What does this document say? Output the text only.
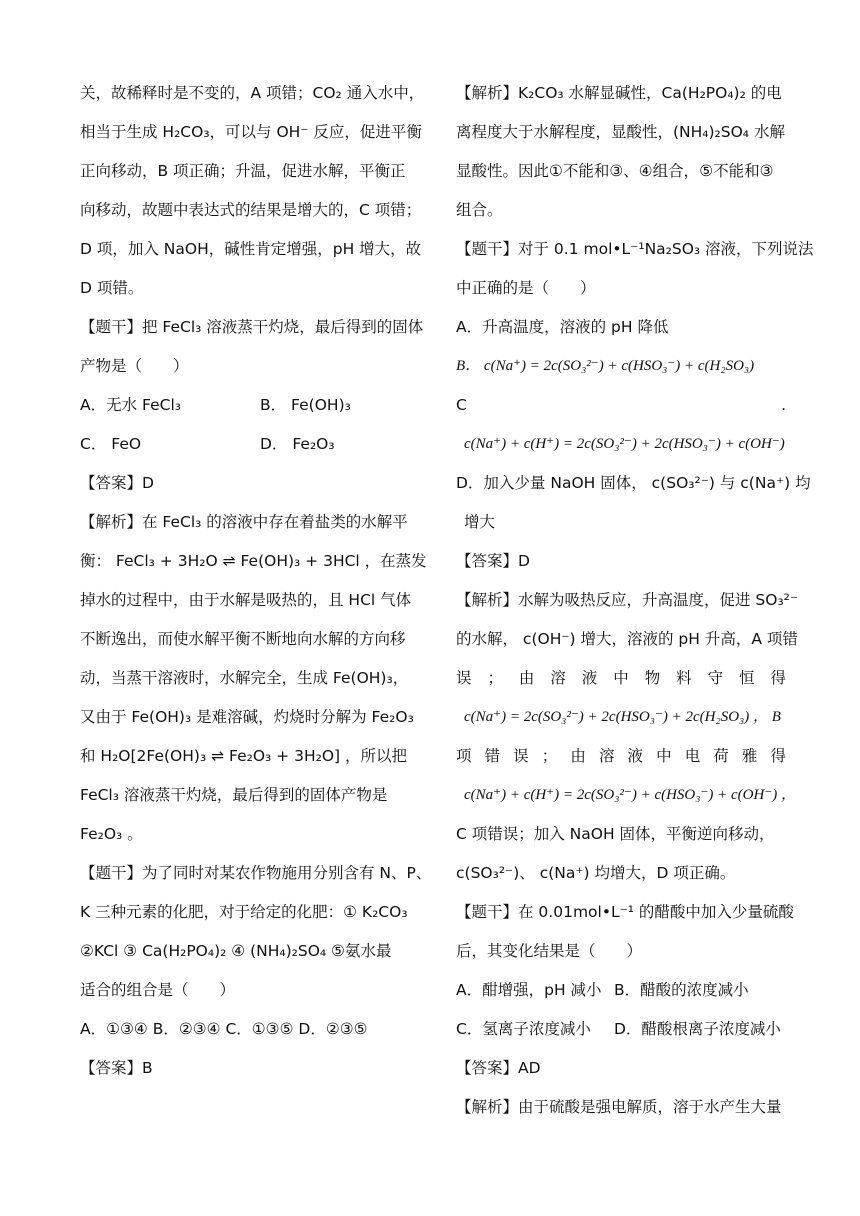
关，故稀释时是不变的，A 项错；CO₂ 通入水中，
相当于生成 H₂CO₃，可以与 OH⁻ 反应，促进平衡
正向移动，B 项正确；升温，促进水解，平衡正
向移动，故题中表达式的结果是增大的，C 项错；
D 项，加入 NaOH，碱性肯定增强，pH 增大，故
D 项错。
【题干】把 FeCl₃ 溶液蒸干灼烧，最后得到的固体
产物是（　　）
A．无水 FeCl₃	B． Fe(OH)₃
C． FeO	D． Fe₂O₃
【答案】D
【解析】在 FeCl₃ 的溶液中存在着盐类的水解平
衡： FeCl₃ + 3H₂O ⇌ Fe(OH)₃ + 3HCl ，在蒸发
掉水的过程中，由于水解是吸热的，且 HCl 气体
不断逸出，而使水解平衡不断地向水解的方向移
动，当蒸干溶液时，水解完全，生成 Fe(OH)₃，
又由于 Fe(OH)₃ 是难溶碱，灼烧时分解为 Fe₂O₃
和 H₂O[2Fe(OH)₃ ⇌ Fe₂O₃ + 3H₂O] ，所以把
FeCl₃ 溶液蒸干灼烧，最后得到的固体产物是
Fe₂O₃ 。
【题干】为了同时对某农作物施用分别含有 N、P、
K 三种元素的化肥，对于给定的化肥：① K₂CO₃
②KCl ③ Ca(H₂PO₄)₂ ④ (NH₄)₂SO₄ ⑤氨水最
适合的组合是（　　）
A．①③④ B．②③④ C．①③⑤ D．②③⑤
【答案】B
【解析】K₂CO₃ 水解显碱性，Ca(H₂PO₄)₂ 的电
离程度大于水解程度，显酸性，(NH₄)₂SO₄ 水解
显酸性。因此①不能和③、④组合，⑤不能和③
组合。
【题干】对于 0.1 mol•L⁻¹Na₂SO₃ 溶液，下列说法
中正确的是（　　）
A．升高温度，溶液的 pH 降低
B． c(Na⁺) = 2c(SO₃²⁻) + c(HSO₃⁻) + c(H₂SO₃)
C	.
c(Na⁺) + c(H⁺) = 2c(SO₃²⁻) + 2c(HSO₃⁻) + c(OH⁻)
D．加入少量 NaOH 固体， c(SO₃²⁻) 与 c(Na⁺) 均
增大
【答案】D
【解析】水解为吸热反应，升高温度，促进 SO₃²⁻
的水解， c(OH⁻) 增大，溶液的 pH 升高，A 项错
误；由溶液中物料守恒得
c(Na⁺) = 2c(SO₃²⁻) + 2c(HSO₃⁻) + 2c(H₂SO₃) ， B
项错误；由溶液中电荷雅得
c(Na⁺) + c(H⁺) = 2c(SO₃²⁻) + c(HSO₃⁻) + c(OH⁻) ，
C 项错误；加入 NaOH 固体，平衡逆向移动，
c(SO₃²⁻)、 c(Na⁺) 均增大，D 项正确。
【题干】在 0.01mol•L⁻¹ 的醋酸中加入少量硫酸
后，其变化结果是（　　）
A．酣增强，pH 减小 B．醋酸的浓度减小
C．氢离子浓度减小 D．醋酸根离子浓度减小
【答案】AD
【解析】由于硫酸是强电解质，溶于水产生大量
